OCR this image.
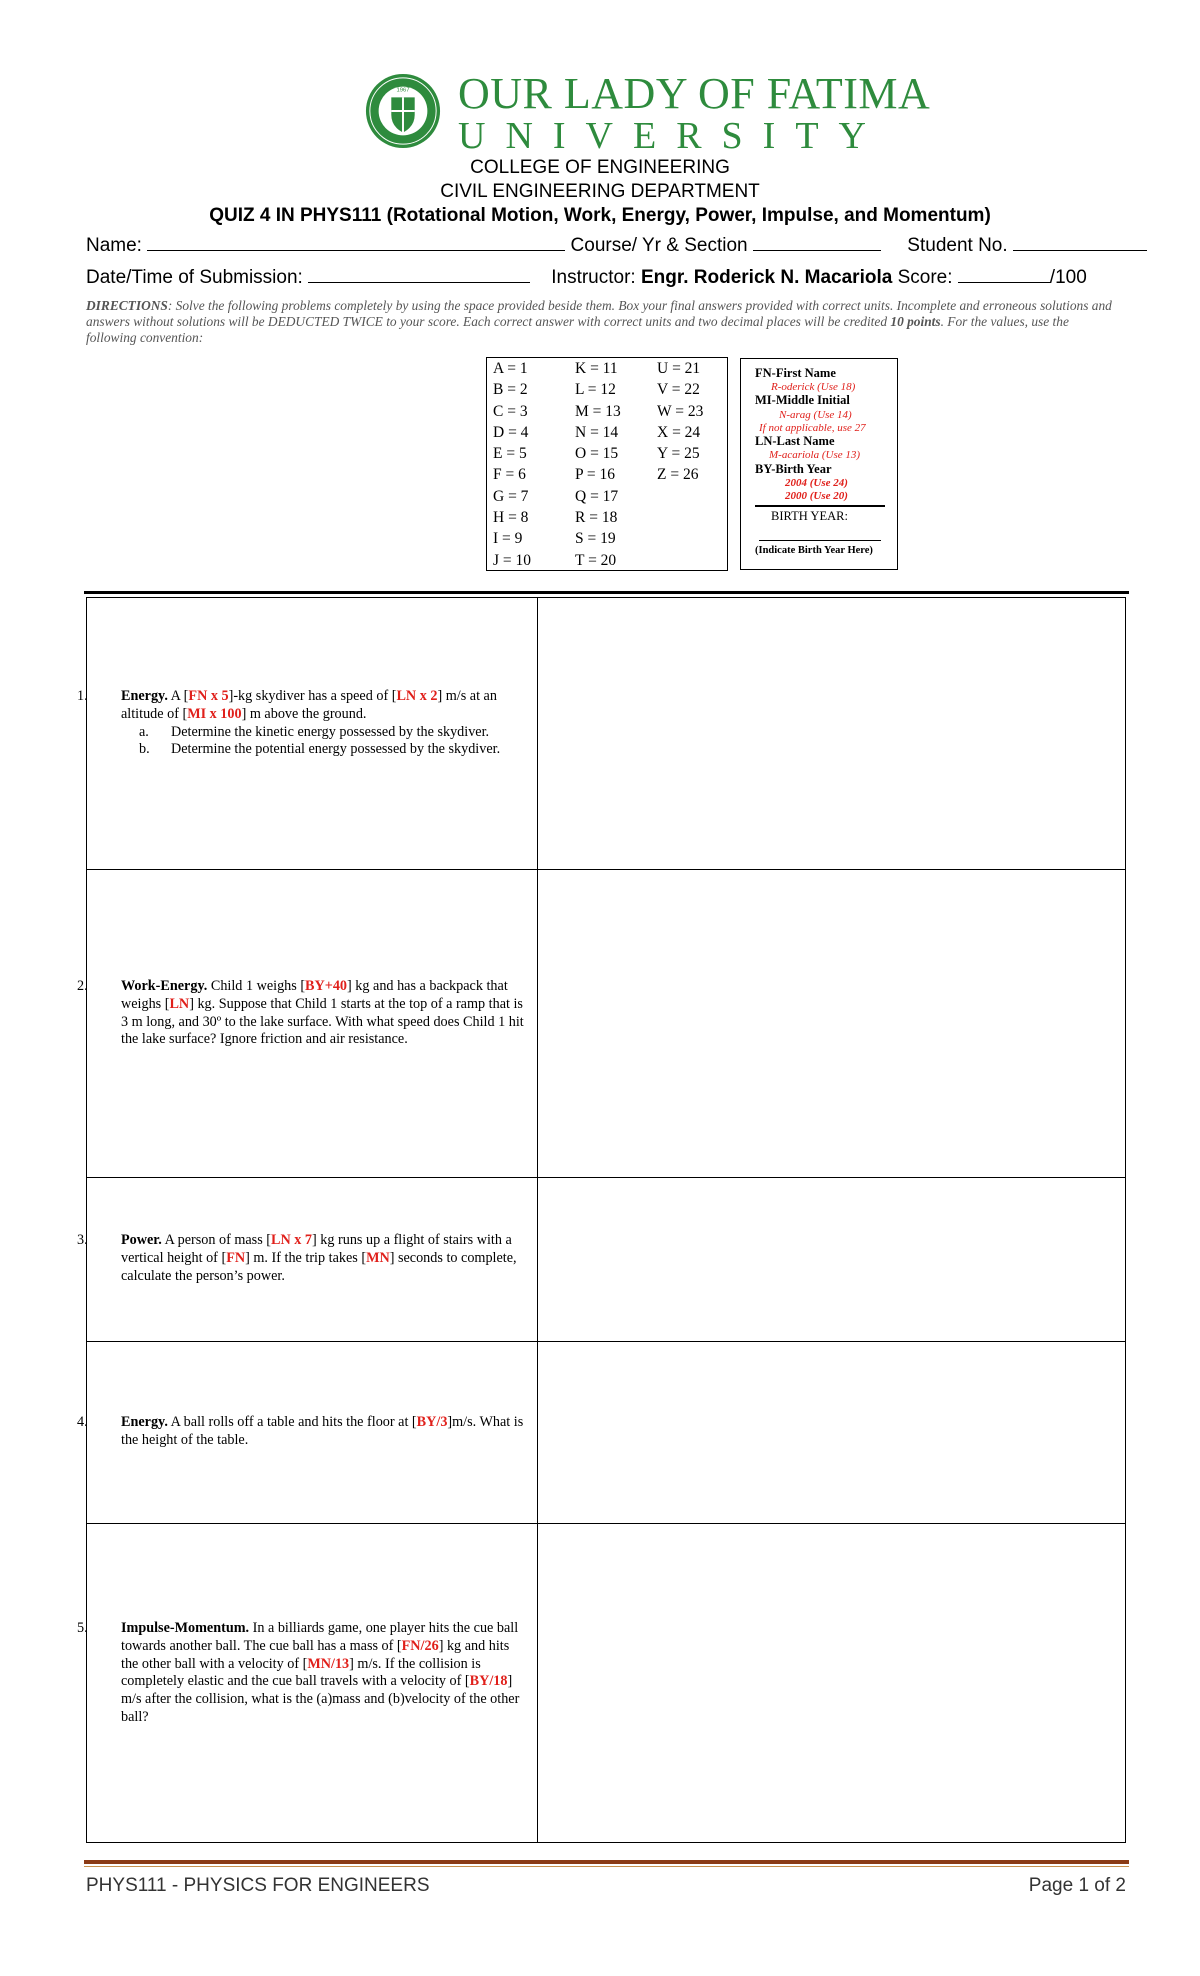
1967 OUR LADY OF FATIMA
UNIVERSITY
COLLEGE OF ENGINEERING
CIVIL ENGINEERING DEPARTMENT
QUIZ 4 IN PHYS111 (Rotational Motion, Work, Energy, Power, Impulse, and Momentum)
Name:	Course/ Yr & Section	Student No.
Date/Time of Submission:	Instructor: Engr. Roderick N. Macariola Score:	/100
DIRECTIONS: Solve the following problems completely by using the space provided beside them. Box your final answers provided with correct units. Incomplete and erroneous solutions and answers without solutions will be DEDUCTED TWICE to your score. Each correct answer with correct units and two decimal places will be credited 10 points. For the values, use the following convention:
A = 1
B = 2
C = 3
D = 4
E = 5
F = 6
G = 7
H = 8
I = 9
J = 10
K = 11
L = 12
M = 13
N = 14
O = 15
P = 16
Q = 17
R = 18
S = 19
T = 20
U = 21
V = 22
W = 23
X = 24
Y = 25
Z = 26
FN-First Name
R-oderick (Use 18)
MI-Middle Initial
N-arag (Use 14)
If not applicable, use 27
LN-Last Name
M-acariola (Use 13)
BY-Birth Year
2004 (Use 24)
2000 (Use 20)
BIRTH YEAR:
(Indicate Birth Year Here)
1. Energy. A [FN x 5]-kg skydiver has a speed of [LN x 2] m/s at an altitude of [MI x 100] m above the ground.
a. Determine the kinetic energy possessed by the skydiver.
b. Determine the potential energy possessed by the skydiver.
2. Work-Energy. Child 1 weighs [BY+40] kg and has a backpack that weighs [LN] kg. Suppose that Child 1 starts at the top of a ramp that is 3 m long, and 30º to the lake surface. With what speed does Child 1 hit the lake surface? Ignore friction and air resistance.
3. Power. A person of mass [LN x 7] kg runs up a flight of stairs with a vertical height of [FN] m. If the trip takes [MN] seconds to complete, calculate the person’s power.
4. Energy. A ball rolls off a table and hits the floor at [BY/3]m/s. What is the height of the table.
5. Impulse-Momentum. In a billiards game, one player hits the cue ball towards another ball. The cue ball has a mass of [FN/26] kg and hits the other ball with a velocity of [MN/13] m/s. If the collision is completely elastic and the cue ball travels with a velocity of [BY/18] m/s after the collision, what is the (a)mass and (b)velocity of the other ball?
PHYS111 - PHYSICS FOR ENGINEERS	Page 1 of 2
